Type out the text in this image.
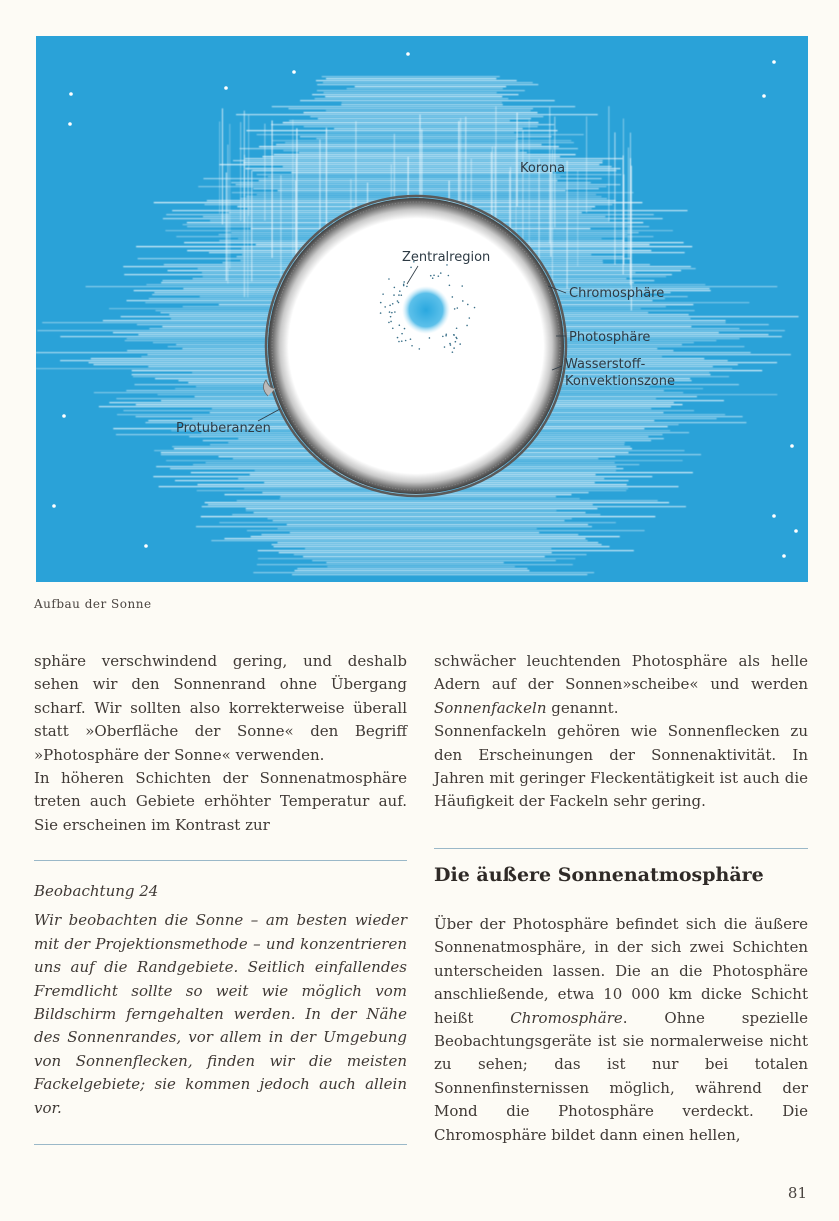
Korona
Zentralregion
Chromosphäre
Photosphäre
Wasserstoff-
Konvektionszone
Protuberanzen
Aufbau der Sonne

sphäre verschwindend gering, und deshalb sehen wir den Sonnenrand ohne Übergang scharf. Wir sollten also korrekterweise überall statt »Oberfläche der Sonne« den Begriff »Photosphäre der Sonne« verwenden.

In höheren Schichten der Sonnenatmosphäre treten auch Gebiete erhöhter Temperatur auf. Sie erscheinen im Kontrast zur

Beobachtung 24

Wir beobachten die Sonne – am besten wieder mit der Projektionsmethode – und konzentrieren uns auf die Randgebiete. Seitlich einfallendes Fremdlicht sollte so weit wie möglich vom Bildschirm ferngehalten werden. In der Nähe des Sonnenrandes, vor allem in der Umgebung von Sonnenflecken, finden wir die meisten Fackelgebiete; sie kommen jedoch auch allein vor.

schwächer leuchtenden Photosphäre als helle Adern auf der Sonnen»scheibe« und werden Sonnenfackeln genannt.

Sonnenfackeln gehören wie Sonnenflecken zu den Erscheinungen der Sonnenaktivität. In Jahren mit geringer Fleckentätigkeit ist auch die Häufigkeit der Fackeln sehr gering.

Die äußere Sonnenatmosphäre

Über der Photosphäre befindet sich die äußere Sonnenatmosphäre, in der sich zwei Schichten unterscheiden lassen. Die an die Photosphäre anschließende, etwa 10 000 km dicke Schicht heißt Chromosphäre. Ohne spezielle Beobachtungsgeräte ist sie normalerweise nicht zu sehen; das ist nur bei totalen Sonnenfinsternissen möglich, während der Mond die Photosphäre verdeckt. Die Chromosphäre bildet dann einen hellen,

81
